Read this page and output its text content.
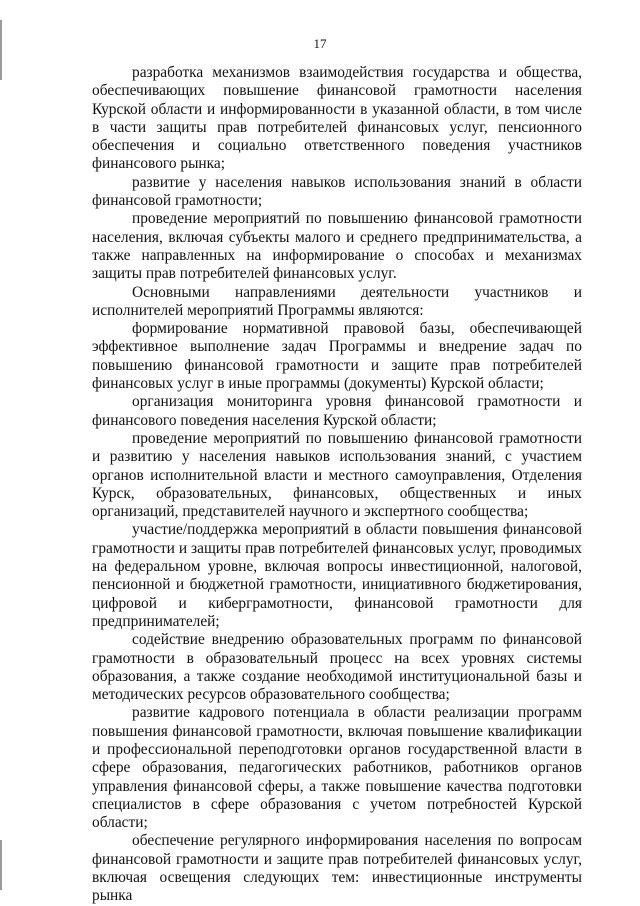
17

разработка механизмов взаимодействия государства и общества, обеспечивающих повышение финансовой грамотности населения Курской области и информированности в указанной области, в том числе в части защиты прав потребителей финансовых услуг, пенсионного обеспечения и социально ответственного поведения участников финансового рынка;

развитие у населения навыков использования знаний в области финансовой грамотности;

проведение мероприятий по повышению финансовой грамотности населения, включая субъекты малого и среднего предпринимательства, а также направленных на информирование о способах и механизмах защиты прав потребителей финансовых услуг.

Основными направлениями деятельности участников и исполнителей мероприятий Программы являются:

формирование нормативной правовой базы, обеспечивающей эффективное выполнение задач Программы и внедрение задач по повышению финансовой грамотности и защите прав потребителей финансовых услуг в иные программы (документы) Курской области;

организация мониторинга уровня финансовой грамотности и финансового поведения населения Курской области;

проведение мероприятий по повышению финансовой грамотности и развитию у населения навыков использования знаний, с участием органов исполнительной власти и местного самоуправления, Отделения Курск, образовательных, финансовых, общественных и иных организаций, представителей научного и экспертного сообщества;

участие/поддержка мероприятий в области повышения финансовой грамотности и защиты прав потребителей финансовых услуг, проводимых на федеральном уровне, включая вопросы инвестиционной, налоговой, пенсионной и бюджетной грамотности, инициативного бюджетирования, цифровой и киберграмотности, финансовой грамотности для предпринимателей;

содействие внедрению образовательных программ по финансовой грамотности в образовательный процесс на всех уровнях системы образования, а также создание необходимой институциональной базы и методических ресурсов образовательного сообщества;

развитие кадрового потенциала в области реализации программ повышения финансовой грамотности, включая повышение квалификации и профессиональной переподготовки органов государственной власти в сфере образования, педагогических работников, работников органов управления финансовой сферы, а также повышение качества подготовки специалистов в сфере образования с учетом потребностей Курской области;

обеспечение регулярного информирования населения по вопросам финансовой грамотности и защите прав потребителей финансовых услуг, включая освещения следующих тем: инвестиционные инструменты рынка
